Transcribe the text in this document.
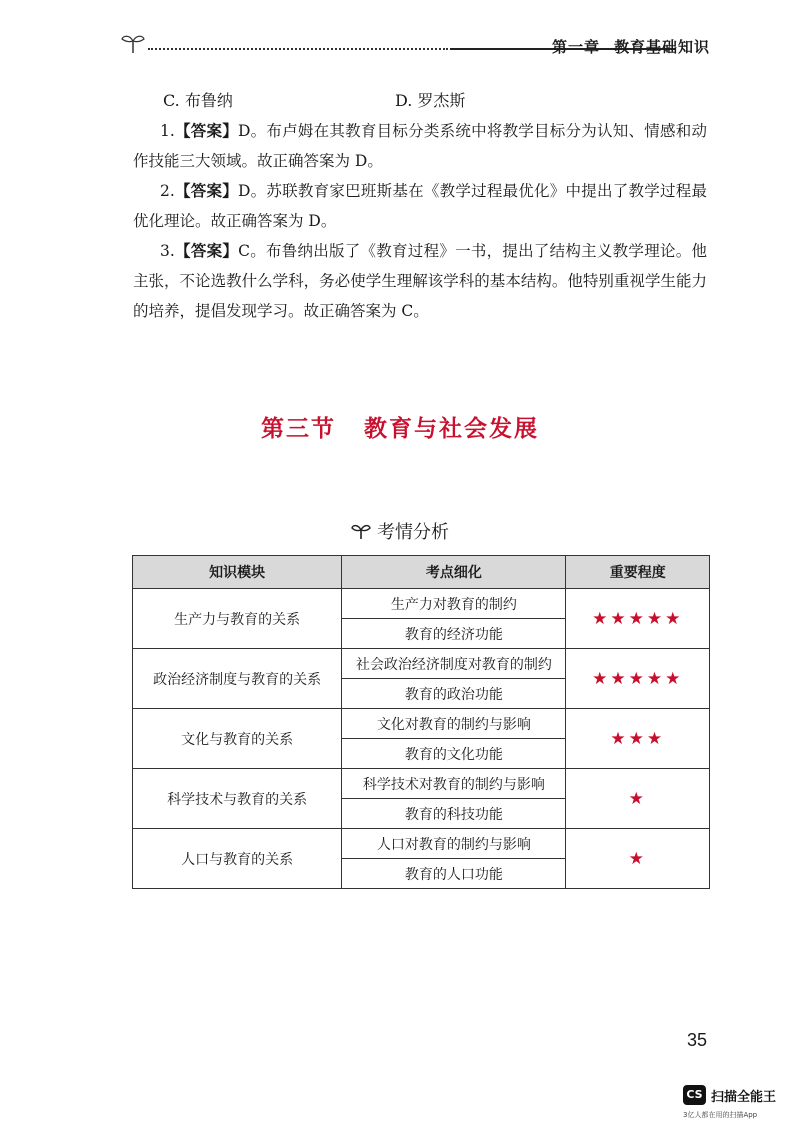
第一章 教育基础知识
C. 布鲁纳	D. 罗杰斯

1.【答案】D。布卢姆在其教育目标分类系统中将教学目标分为认知、情感和动作技能三大领域。故正确答案为 D。

2.【答案】D。苏联教育家巴班斯基在《教学过程最优化》中提出了教学过程最优化理论。故正确答案为 D。

3.【答案】C。布鲁纳出版了《教育过程》一书，提出了结构主义教学理论。他主张，不论选教什么学科，务必使学生理解该学科的基本结构。他特别重视学生能力的培养，提倡发现学习。故正确答案为 C。

第三节 教育与社会发展
考情分析
知识模块	考点细化	重要程度
生产力与教育的关系	生产力对教育的制约	★★★★★
	教育的经济功能	
政治经济制度与教育的关系	社会政治经济制度对教育的制约	★★★★★
	教育的政治功能	
文化与教育的关系	文化对教育的制约与影响	★★★
	教育的文化功能	
科学技术与教育的关系	科学技术对教育的制约与影响	★
	教育的科技功能	
人口与教育的关系	人口对教育的制约与影响	★
	教育的人口功能	
35
CS 扫描全能王
3亿人都在用的扫描App
